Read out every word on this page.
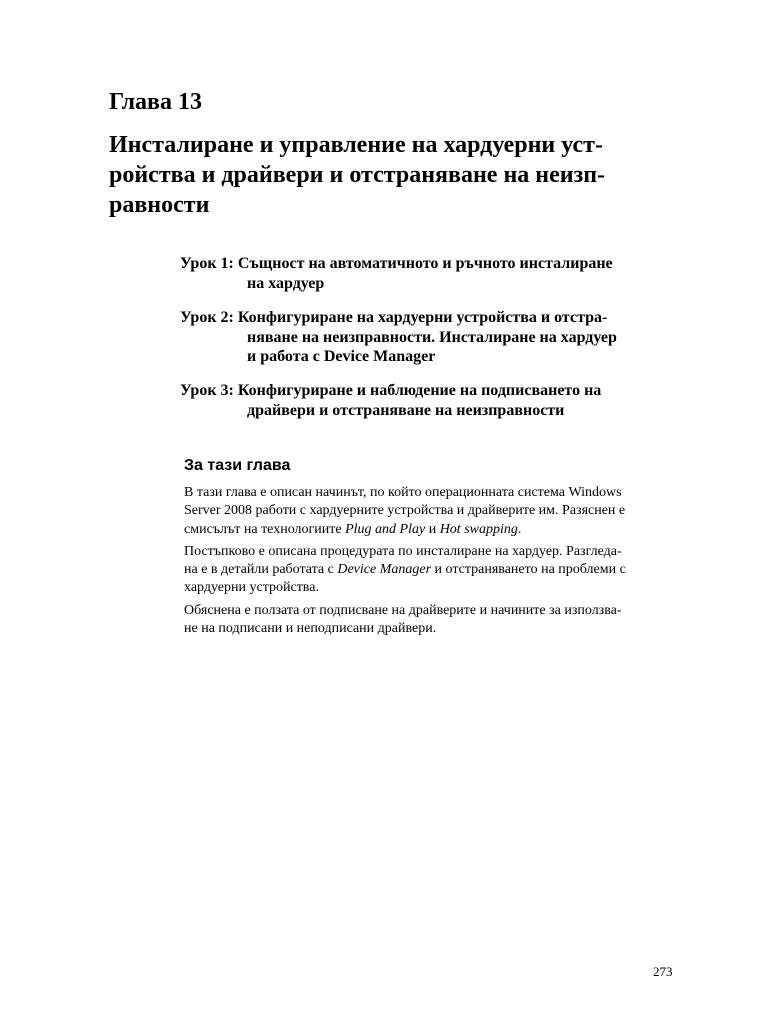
Глава 13
Инсталиране и управление на хардуерни уст-
ройства и драйвери и отстраняване на неизп-
равности
Урок 1: Същност на автоматичното и ръчното инсталиране
на хардуер
Урок 2: Конфигуриране на хардуерни устройства и отстра-
няване на неизправности. Инсталиране на хардуер
и работа с Device Manager
Урок 3: Конфигуриране и наблюдение на подписването на
драйвери и отстраняване на неизправности
За тази глава

В тази глава е описан начинът, по който операционната система Windows
Server 2008 работи с хардуерните устройства и драйверите им. Разяснен е
смисълът на технологиите Plug and Play и Hot swapping.

Постъпково е описана процедурата по инсталиране на хардуер. Разгледа-
на е в детайли работата с Device Manager и отстраняването на проблеми с
хардуерни устройства.

Обяснена е ползата от подписване на драйверите и начините за използва-
не на подписани и неподписани драйвери.

273
